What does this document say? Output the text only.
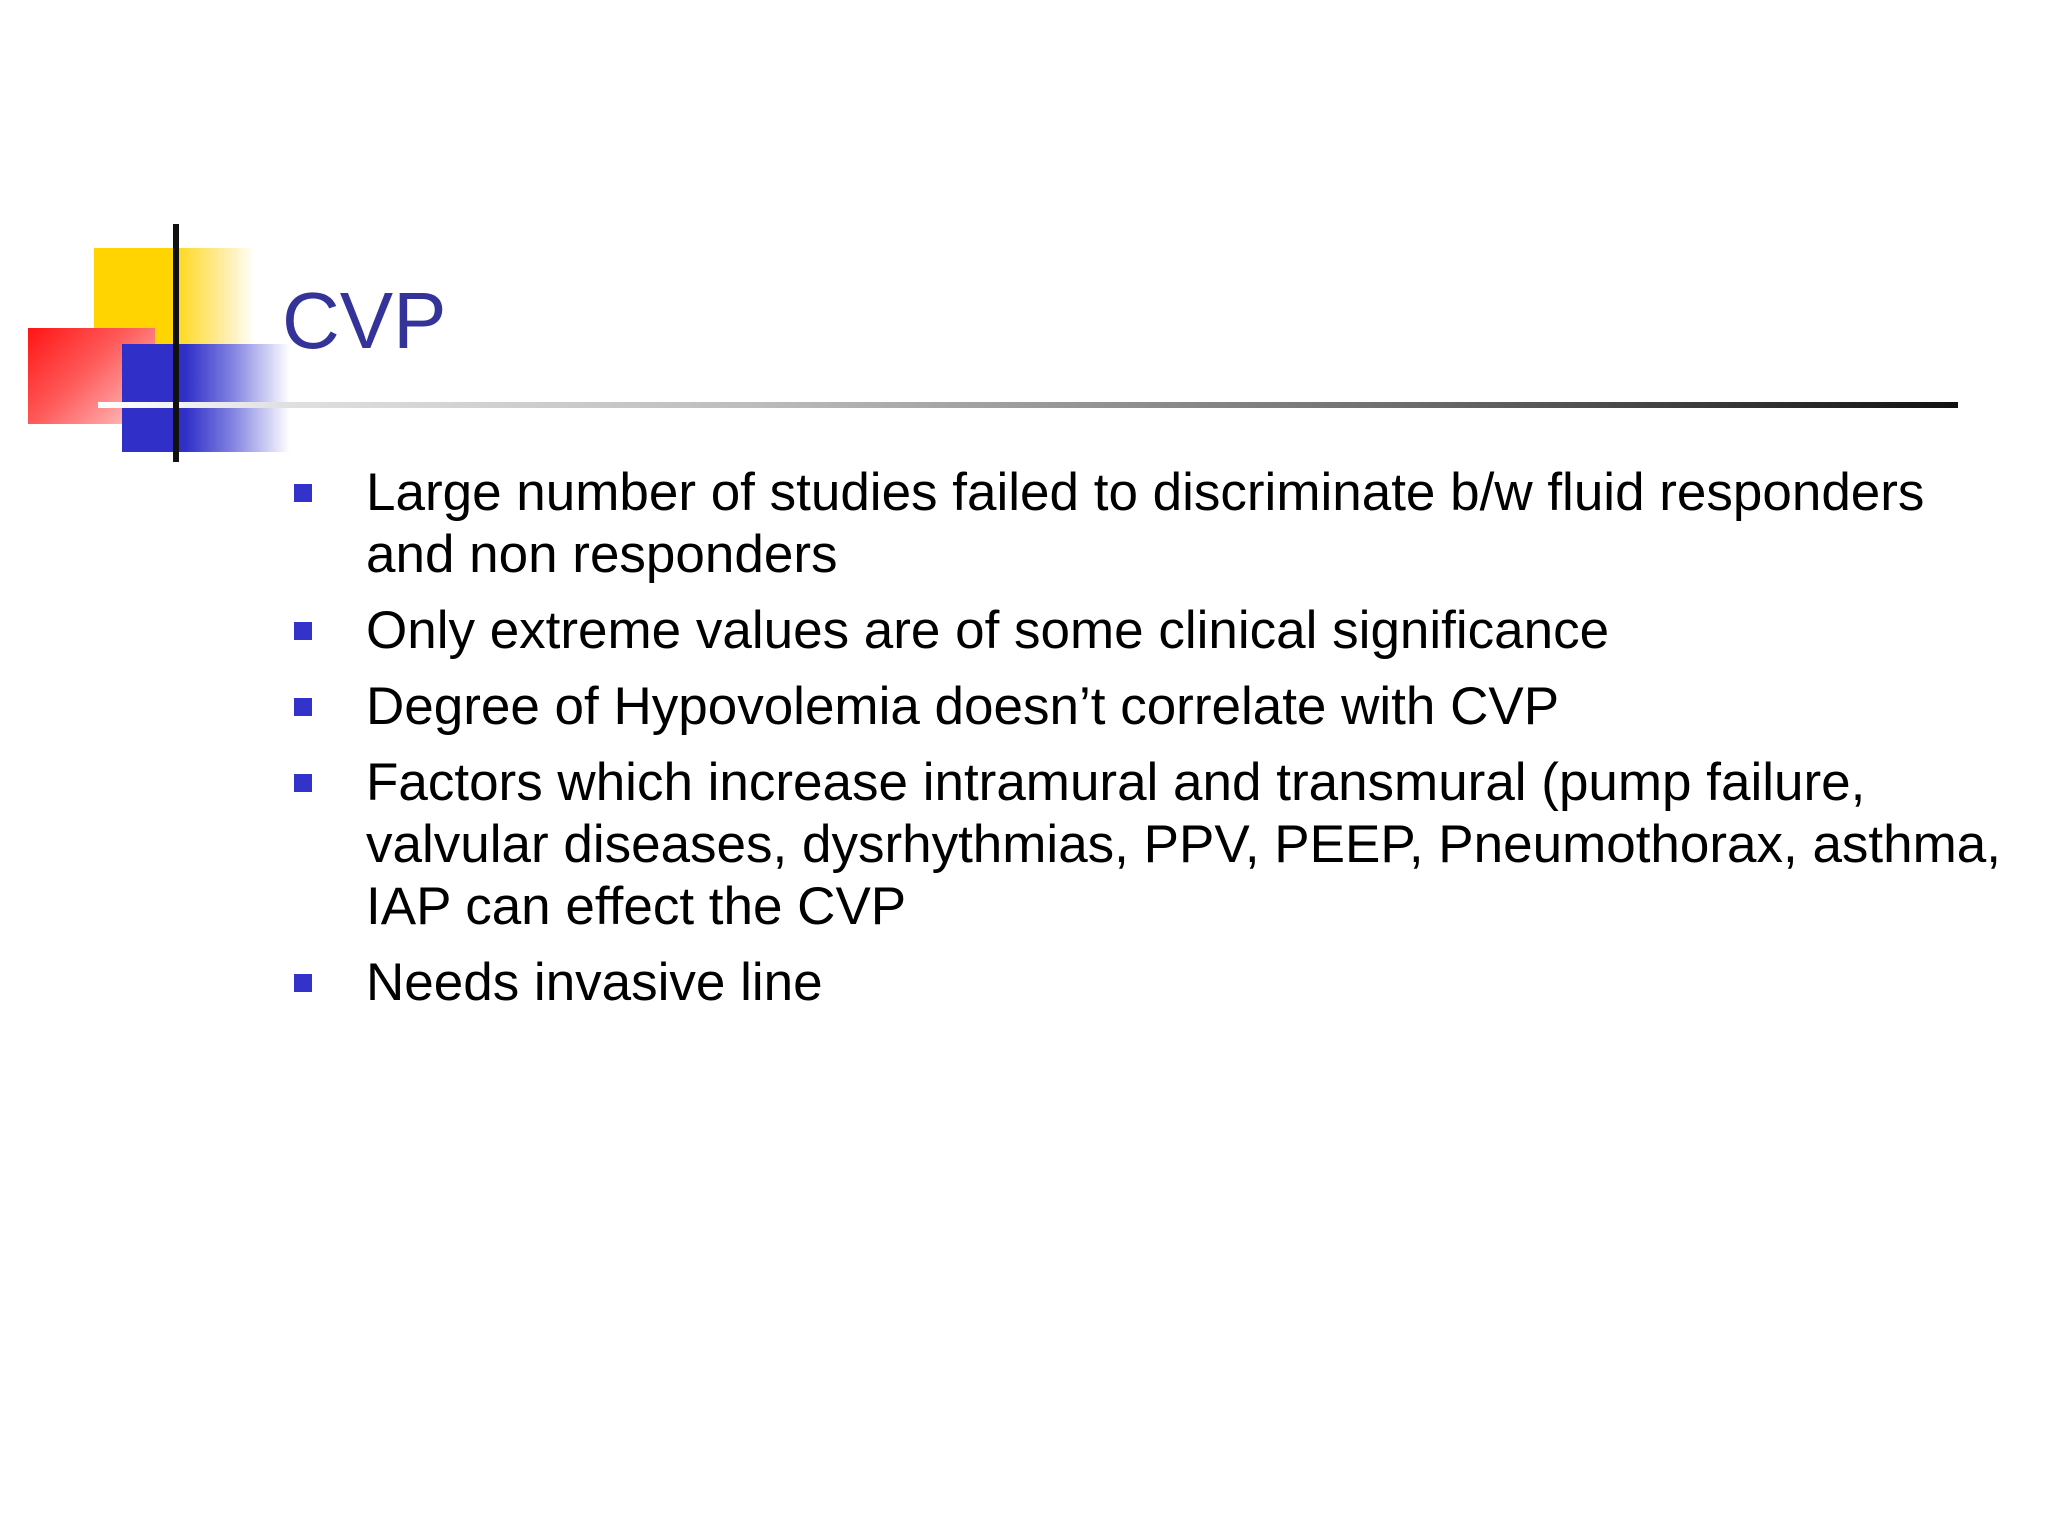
CVP
Large number of studies failed to discriminate b/w fluid responders and non responders
Only extreme values are of some clinical significance
Degree of Hypovolemia doesn’t correlate with CVP
Factors which increase intramural and transmural (pump failure, valvular diseases, dysrhythmias, PPV, PEEP, Pneumothorax, asthma, IAP can effect the CVP
Needs invasive line
